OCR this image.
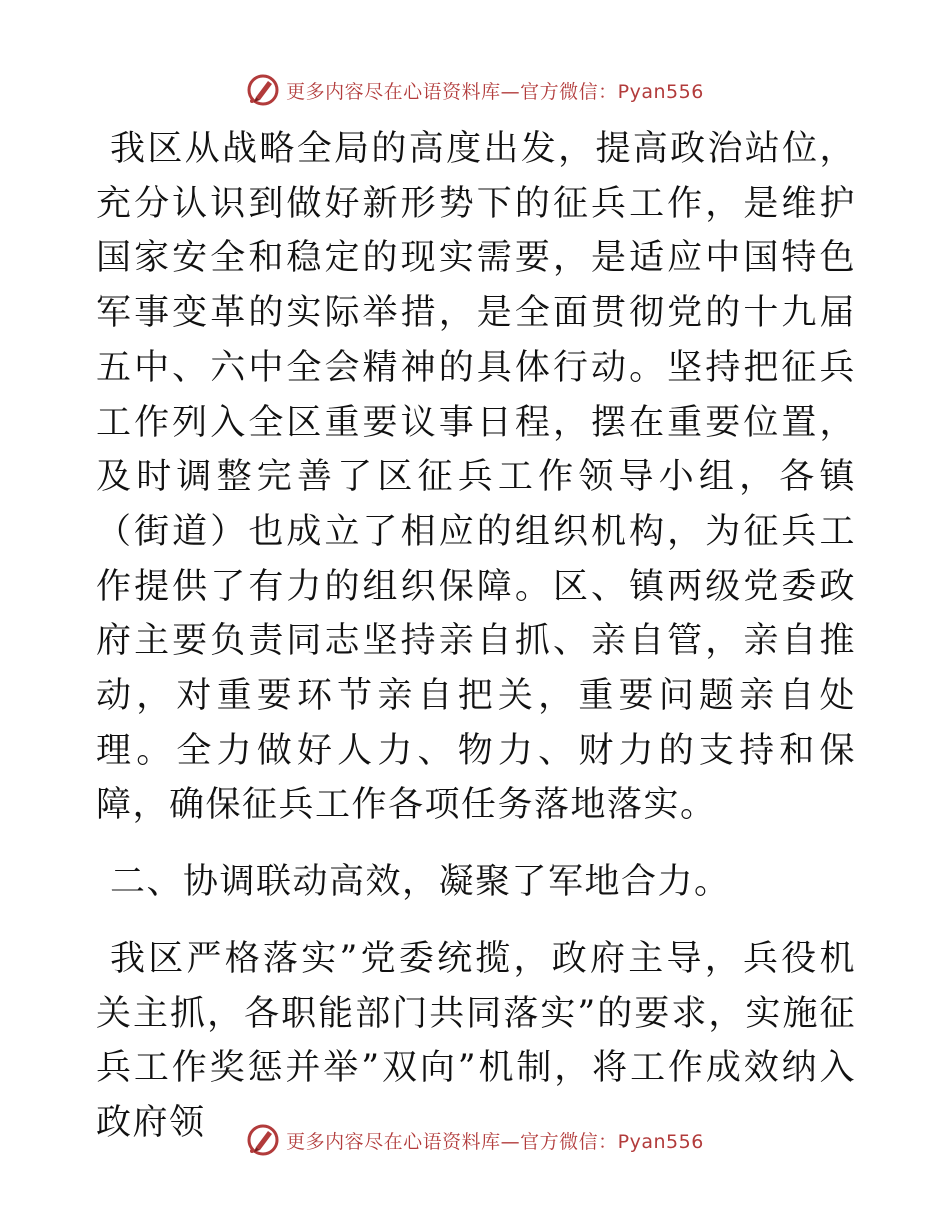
更多内容尽在心语资料库—官方微信：Pyan556

我区从战略全局的高度出发，提高政治站位，充分认识到做好新形势下的征兵工作，是维护国家安全和稳定的现实需要，是适应中国特色军事变革的实际举措，是全面贯彻党的十九届五中、六中全会精神的具体行动。坚持把征兵工作列入全区重要议事日程，摆在重要位置，及时调整完善了区征兵工作领导小组，各镇（街道）也成立了相应的组织机构，为征兵工作提供了有力的组织保障。区、镇两级党委政府主要负责同志坚持亲自抓、亲自管，亲自推动，对重要环节亲自把关，重要问题亲自处理。全力做好人力、物力、财力的支持和保障，确保征兵工作各项任务落地落实。

二、协调联动高效，凝聚了军地合力。

我区严格落实”党委统揽，政府主导，兵役机关主抓，各职能部门共同落实”的要求，实施征兵工作奖惩并举”双向”机制，将工作成效纳入政府领	更多内容尽在心语资料库—官方微信：Pyan556
